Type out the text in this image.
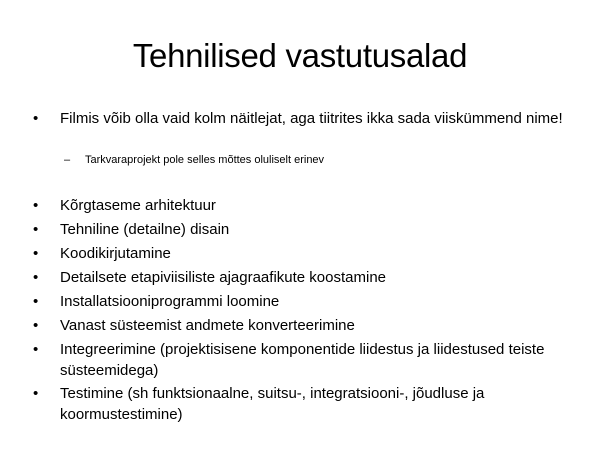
Tehnilised vastutusalad
•	Filmis võib olla vaid kolm näitlejat, aga tiitrites ikka sada viiskümmend nime!
– Tarkvaraprojekt pole selles mõttes oluliselt erinev
•	Kõrgtaseme arhitektuur
•	Tehniline (detailne) disain
•	Koodikirjutamine
•	Detailsete etapiviisiliste ajagraafikute koostamine
•	Installatsiooniprogrammi loomine
•	Vanast süsteemist andmete konverteerimine
•	Integreerimine (projektisisene komponentide liidestus ja liidestused teiste süsteemidega)
•	Testimine (sh funktsionaalne, suitsu-, integratsiooni-, jõudluse ja koormustestimine)
